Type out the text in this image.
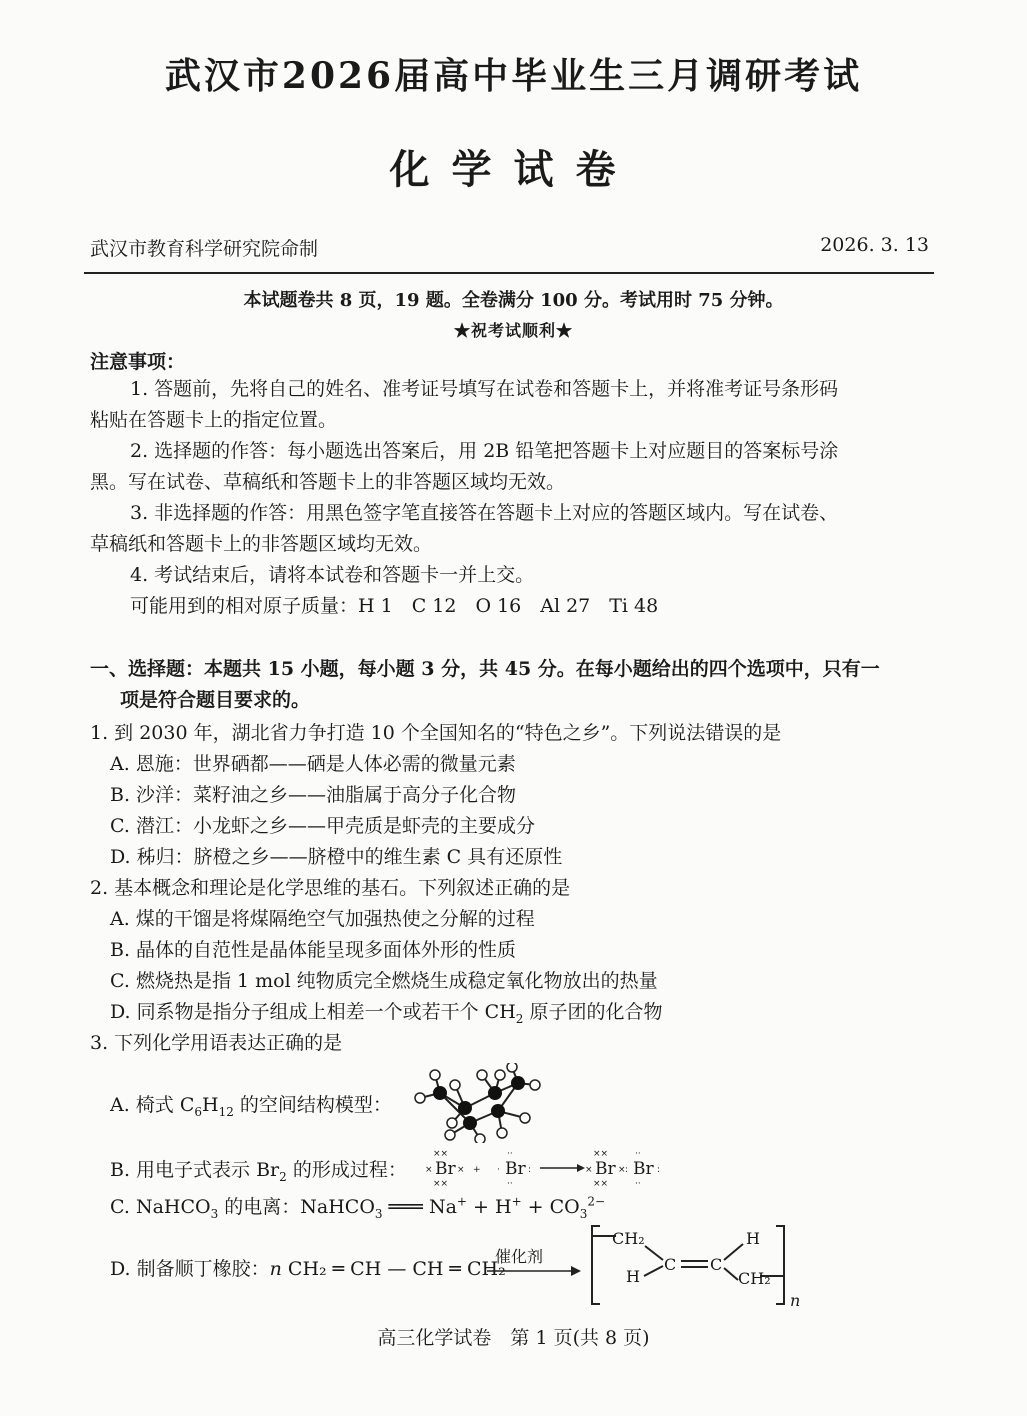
武汉市2026届高中毕业生三月调研考试
化学试卷
武汉市教育科学研究院命制	2026. 3. 13
本试题卷共 8 页，19 题。全卷满分 100 分。考试用时 75 分钟。
★祝考试顺利★
注意事项：
1. 答题前，先将自己的姓名、准考证号填写在试卷和答题卡上，并将准考证号条形码
粘贴在答题卡上的指定位置。
2. 选择题的作答：每小题选出答案后，用 2B 铅笔把答题卡上对应题目的答案标号涂
黑。写在试卷、草稿纸和答题卡上的非答题区域均无效。
3. 非选择题的作答：用黑色签字笔直接答在答题卡上对应的答题区域内。写在试卷、
草稿纸和答题卡上的非答题区域均无效。
4. 考试结束后，请将本试卷和答题卡一并上交。
可能用到的相对原子质量：H 1　C 12　O 16　Al 27　Ti 48
一、选择题：本题共 15 小题，每小题 3 分，共 45 分。在每小题给出的四个选项中，只有一
项是符合题目要求的。
1. 到 2030 年，湖北省力争打造 10 个全国知名的“特色之乡”。下列说法错误的是
A. 恩施：世界硒都——硒是人体必需的微量元素
B. 沙洋：菜籽油之乡——油脂属于高分子化合物
C. 潜江：小龙虾之乡——甲壳质是虾壳的主要成分
D. 秭归：脐橙之乡——脐橙中的维生素 C 具有还原性
2. 基本概念和理论是化学思维的基石。下列叙述正确的是
A. 煤的干馏是将煤隔绝空气加强热使之分解的过程
B. 晶体的自范性是晶体能呈现多面体外形的性质
C. 燃烧热是指 1 mol 纯物质完全燃烧生成稳定氧化物放出的热量
D. 同系物是指分子组成上相差一个或若干个 $CH_2$ 原子团的化合物
3. 下列化学用语表达正确的是
A. 椅式 $C_6H_{12}$ 的空间结构模型：
B. 用电子式表示 $Br_2$ 的形成过程： Br	Br	Br Br
××
××
×	× + ·
··
··
:
××
××
×	× :
··
··
:
C. NaHCO$_3$ 的电离：NaHCO$_3$ ═══ $Na^+ + H^+ + CO_3^{2-}$
D. 制备顺丁橡胶：n CH₂ ═ CH — CH ═ CH₂
催化剂
CH₂
C C
H
H
CH₂
n
高三化学试卷　第 1 页(共 8 页)
